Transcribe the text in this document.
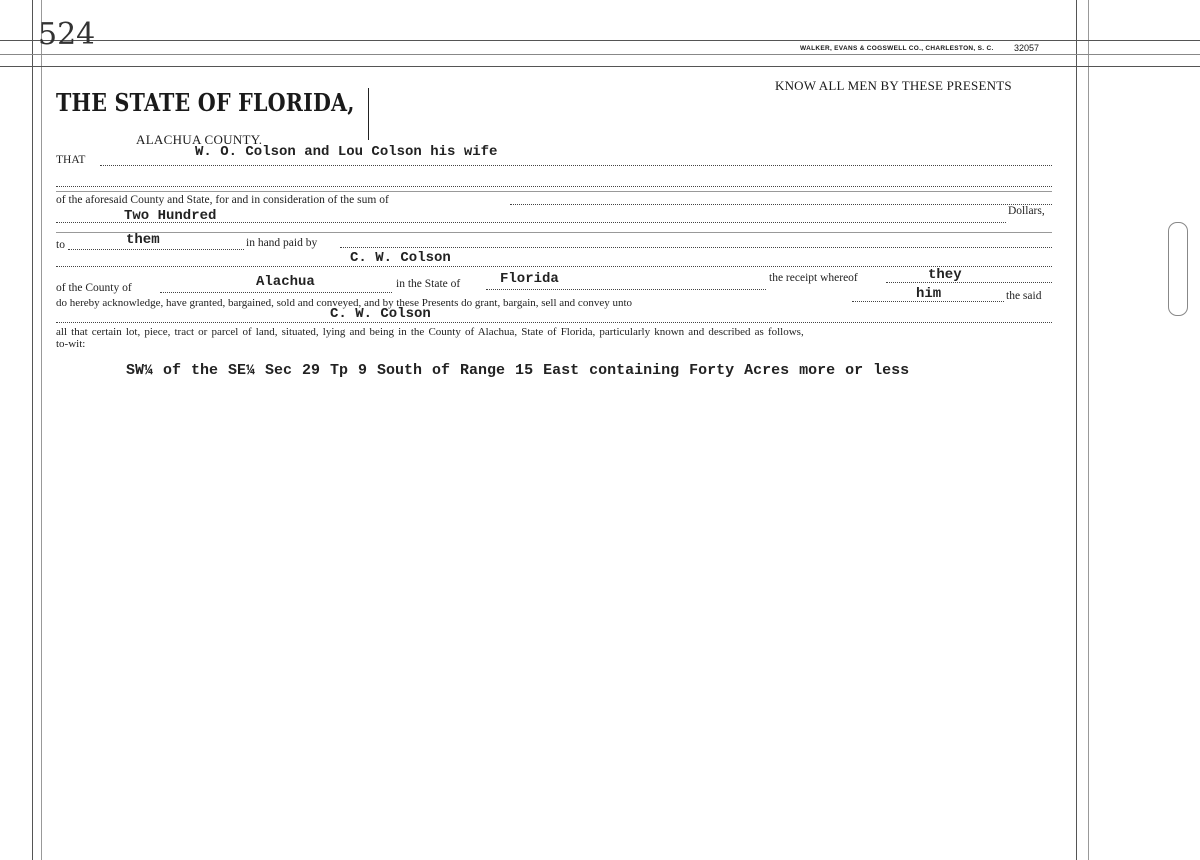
524	WALKER, EVANS & COGSWELL CO., CHARLESTON, S. C. 32057
THE STATE OF FLORIDA,
ALACHUA COUNTY.
KNOW ALL MEN BY THESE PRESENTS
THAT	W. O. Colson and Lou Colson his wife
of the aforesaid County and State, for and in consideration of the sum of
Two Hundred	Dollars,
to	them	in hand paid by
C. W. Colson
of the County of	Alachua	in the State of	Florida	the receipt whereof	they
do hereby acknowledge, have granted, bargained, sold and conveyed, and by these Presents do grant, bargain, sell and convey unto
him	the said
C. W. Colson
all that certain lot, piece, tract or parcel of land, situated, lying and being in the County of Alachua, State of Florida, particularly known and described as follows,
to-wit:
SW¼ of the SE¼ Sec 29 Tp 9 South of Range 15 East containing Forty Acres more or less
